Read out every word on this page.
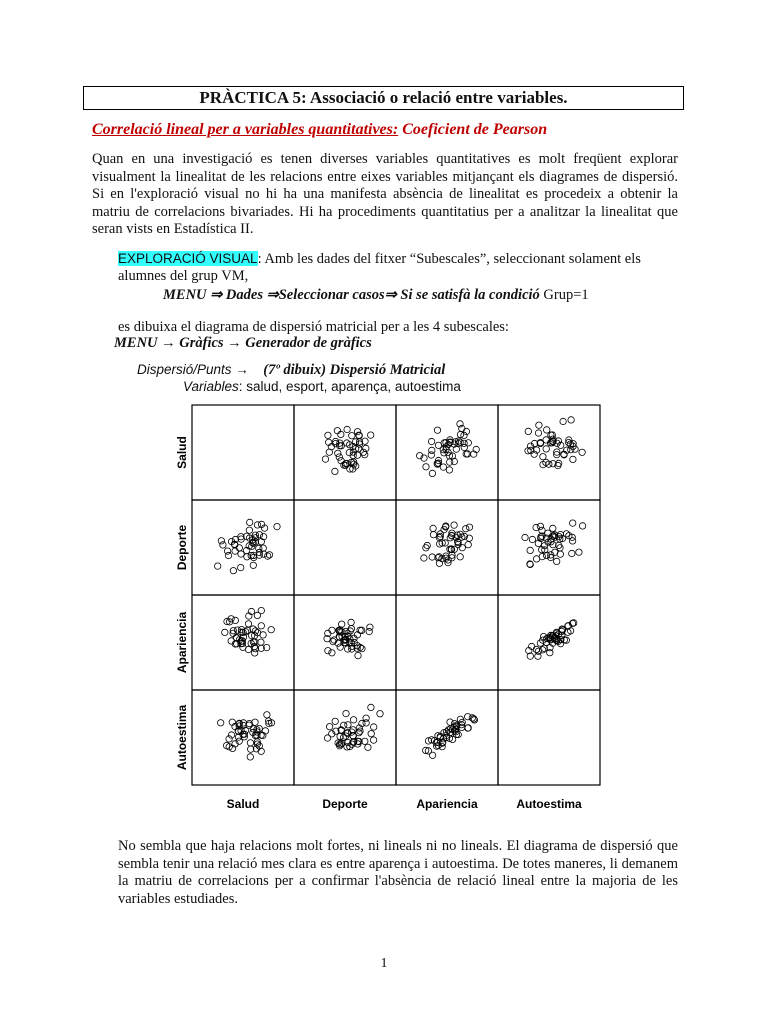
PRÀCTICA 5: Associació o relació entre variables.
Correlació lineal per a variables quantitatives: Coeficient de Pearson
Quan en una investigació es tenen diverses variables quantitatives es molt freqüent explorar visualment la linealitat de les relacions entre eixes variables mitjançant els diagrames de dispersió. Si en l'exploració visual no hi ha una manifesta absència de linealitat es procedeix a obtenir la matriu de correlacions bivariades. Hi ha procediments quantitatius per a analitzar la linealitat que seran vists en Estadística II.
EXPLORACIÓ VISUAL: Amb les dades del fitxer “Subescales”, seleccionant solament els
alumnes del grup VM,
MENU ⇒ Dades ⇒Seleccionar casos⇒ Si se satisfà la condició Grup=1
es dibuixa el diagrama de dispersió matricial per a les 4 subescales:
MENU → Gràfics → Generador de gràfics
Dispersió/Punts → (7º dibuix) Dispersió Matricial
Variables: salud, esport, aparença, autoestima
Salud
Salud
Deporte
Deporte
Apariencia
Apariencia
Autoestima
Autoestima
No sembla que haja relacions molt fortes, ni lineals ni no lineals. El diagrama de dispersió que sembla tenir una relació mes clara es entre aparença i autoestima. De totes maneres, li demanem la matriu de correlacions per a confirmar l'absència de relació lineal entre la majoria de les variables estudiades.
1
